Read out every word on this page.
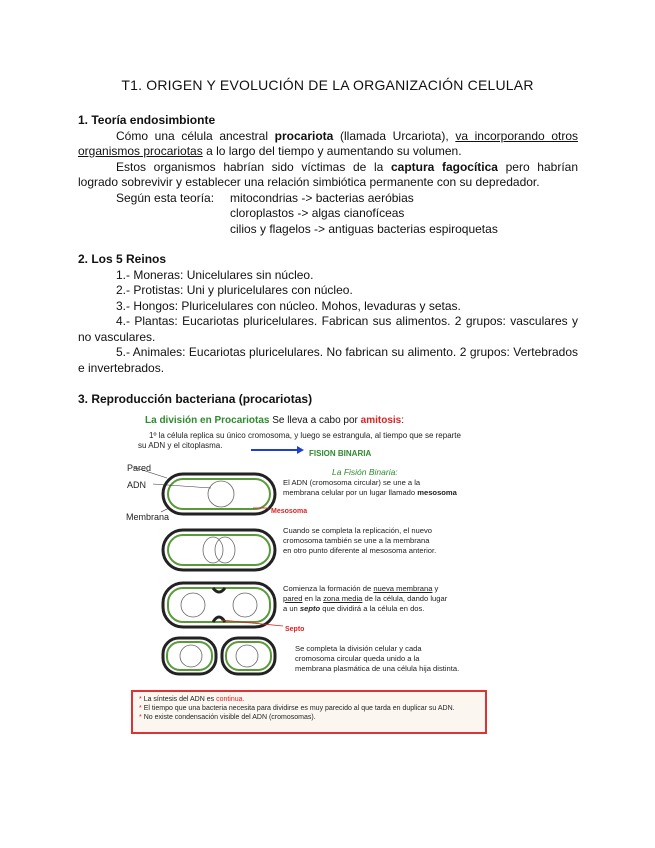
T1. ORIGEN Y EVOLUCIÓN DE LA ORGANIZACIÓN CELULAR
1. Teoría endosimbionte
Cómo una célula ancestral procariota (llamada Urcariota), va incorporando otros organismos procariotas a lo largo del tiempo y aumentando su volumen.
Estos organismos habrían sido víctimas de la captura fagocítica pero habrían logrado sobrevivir y establecer una relación simbiótica permanente con su depredador.
Según esta teoría: mitocondrias -> bacterias aeróbias
cloroplastos -> algas cianofíceas
cilios y flagelos -> antiguas bacterias espiroquetas
2. Los 5 Reinos
1.- Moneras: Unicelulares sin núcleo.
2.- Protistas: Uni y pluricelulares con núcleo.
3.- Hongos: Pluricelulares con núcleo. Mohos, levaduras y setas.
4.- Plantas: Eucariotas pluricelulares. Fabrican sus alimentos. 2 grupos: vasculares y no vasculares.
5.- Animales: Eucariotas pluricelulares. No fabrican su alimento. 2 grupos: Vertebrados e invertebrados.
3. Reproducción bacteriana (procariotas)
La división en Procariotas Se lleva a cabo por amitosis:
1º la célula replica su único cromosoma, y luego se estrangula, al tiempo que se reparte
su ADN y el citoplasma.
FISION BINARIA
La Fisión Binaria:
Pared
ADN
Membrana
Mesosoma
Septo
El ADN (cromosoma circular) se une a la
membrana celular por un lugar llamado mesosoma
Cuando se completa la replicación, el nuevo
cromosoma también se une a la membrana
en otro punto diferente al mesosoma anterior.
Comienza la formación de nueva membrana y
pared en la zona media de la célula, dando lugar
a un septo que dividirá a la célula en dos.
Se completa la división celular y cada
cromosoma circular queda unido a la
membrana plasmática de una célula hija distinta.
* La síntesis del ADN es continua.
* El tiempo que una bacteria necesita para dividirse es muy parecido al que tarda en duplicar su ADN.
* No existe condensación visible del ADN (cromosomas).
